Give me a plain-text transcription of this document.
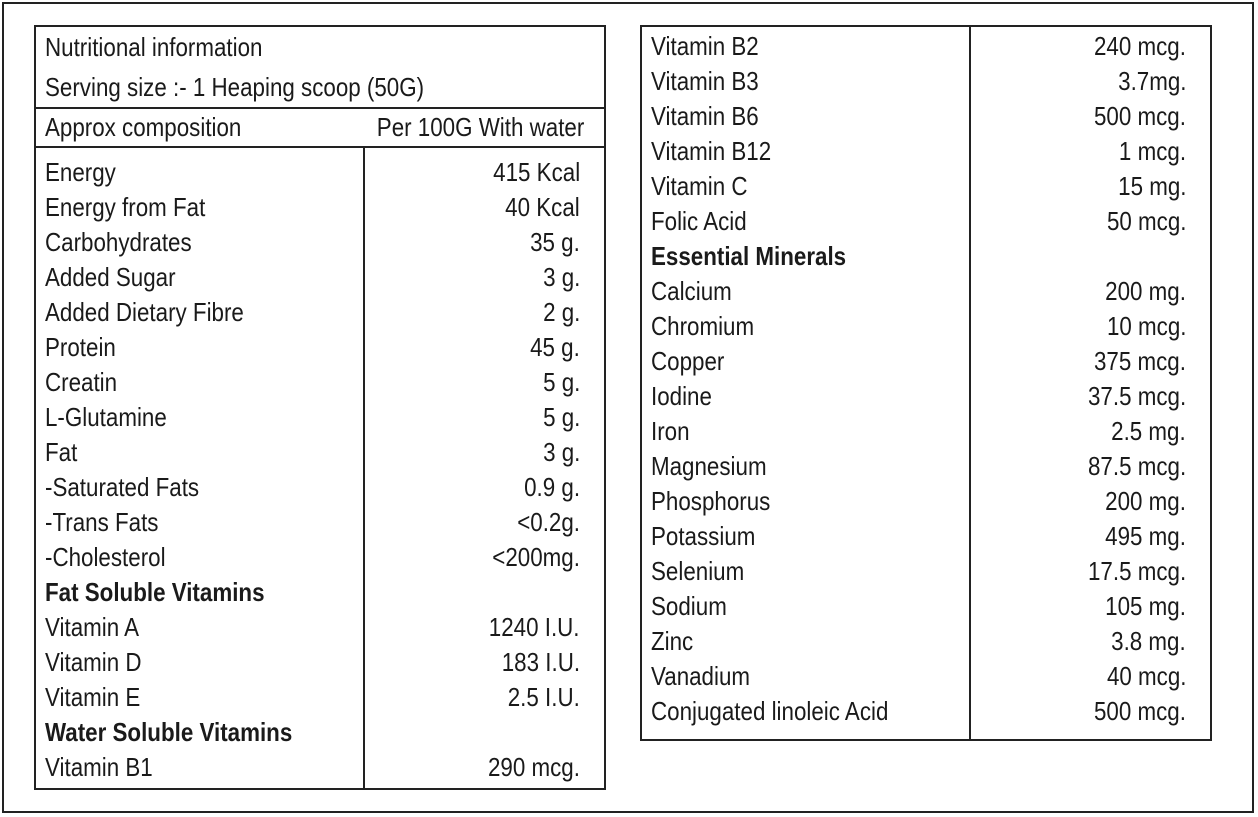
Nutritional information
Serving size :- 1 Heaping scoop (50G)
Approx composition	Per 100G With water
Energy	415 Kcal
Energy from Fat	40 Kcal
Carbohydrates	35 g.
Added Sugar	3 g.
Added Dietary Fibre	2 g.
Protein	45 g.
Creatin	5 g.
L-Glutamine	5 g.
Fat	3 g.
-Saturated Fats	0.9 g.
-Trans Fats	<0.2g.
-Cholesterol	<200mg.
Fat Soluble Vitamins
Vitamin A	1240 I.U.
Vitamin D	183 I.U.
Vitamin E	2.5 I.U.
Water Soluble Vitamins
Vitamin B1	290 mcg.
Vitamin B2	240 mcg.
Vitamin B3	3.7mg.
Vitamin B6	500 mcg.
Vitamin B12	1 mcg.
Vitamin C	15 mg.
Folic Acid	50 mcg.
Essential Minerals
Calcium	200 mg.
Chromium	10 mcg.
Copper	375 mcg.
Iodine	37.5 mcg.
Iron	2.5 mg.
Magnesium	87.5 mcg.
Phosphorus	200 mg.
Potassium	495 mg.
Selenium	17.5 mcg.
Sodium	105 mg.
Zinc	3.8 mg.
Vanadium	40 mcg.
Conjugated linoleic Acid	500 mcg.
